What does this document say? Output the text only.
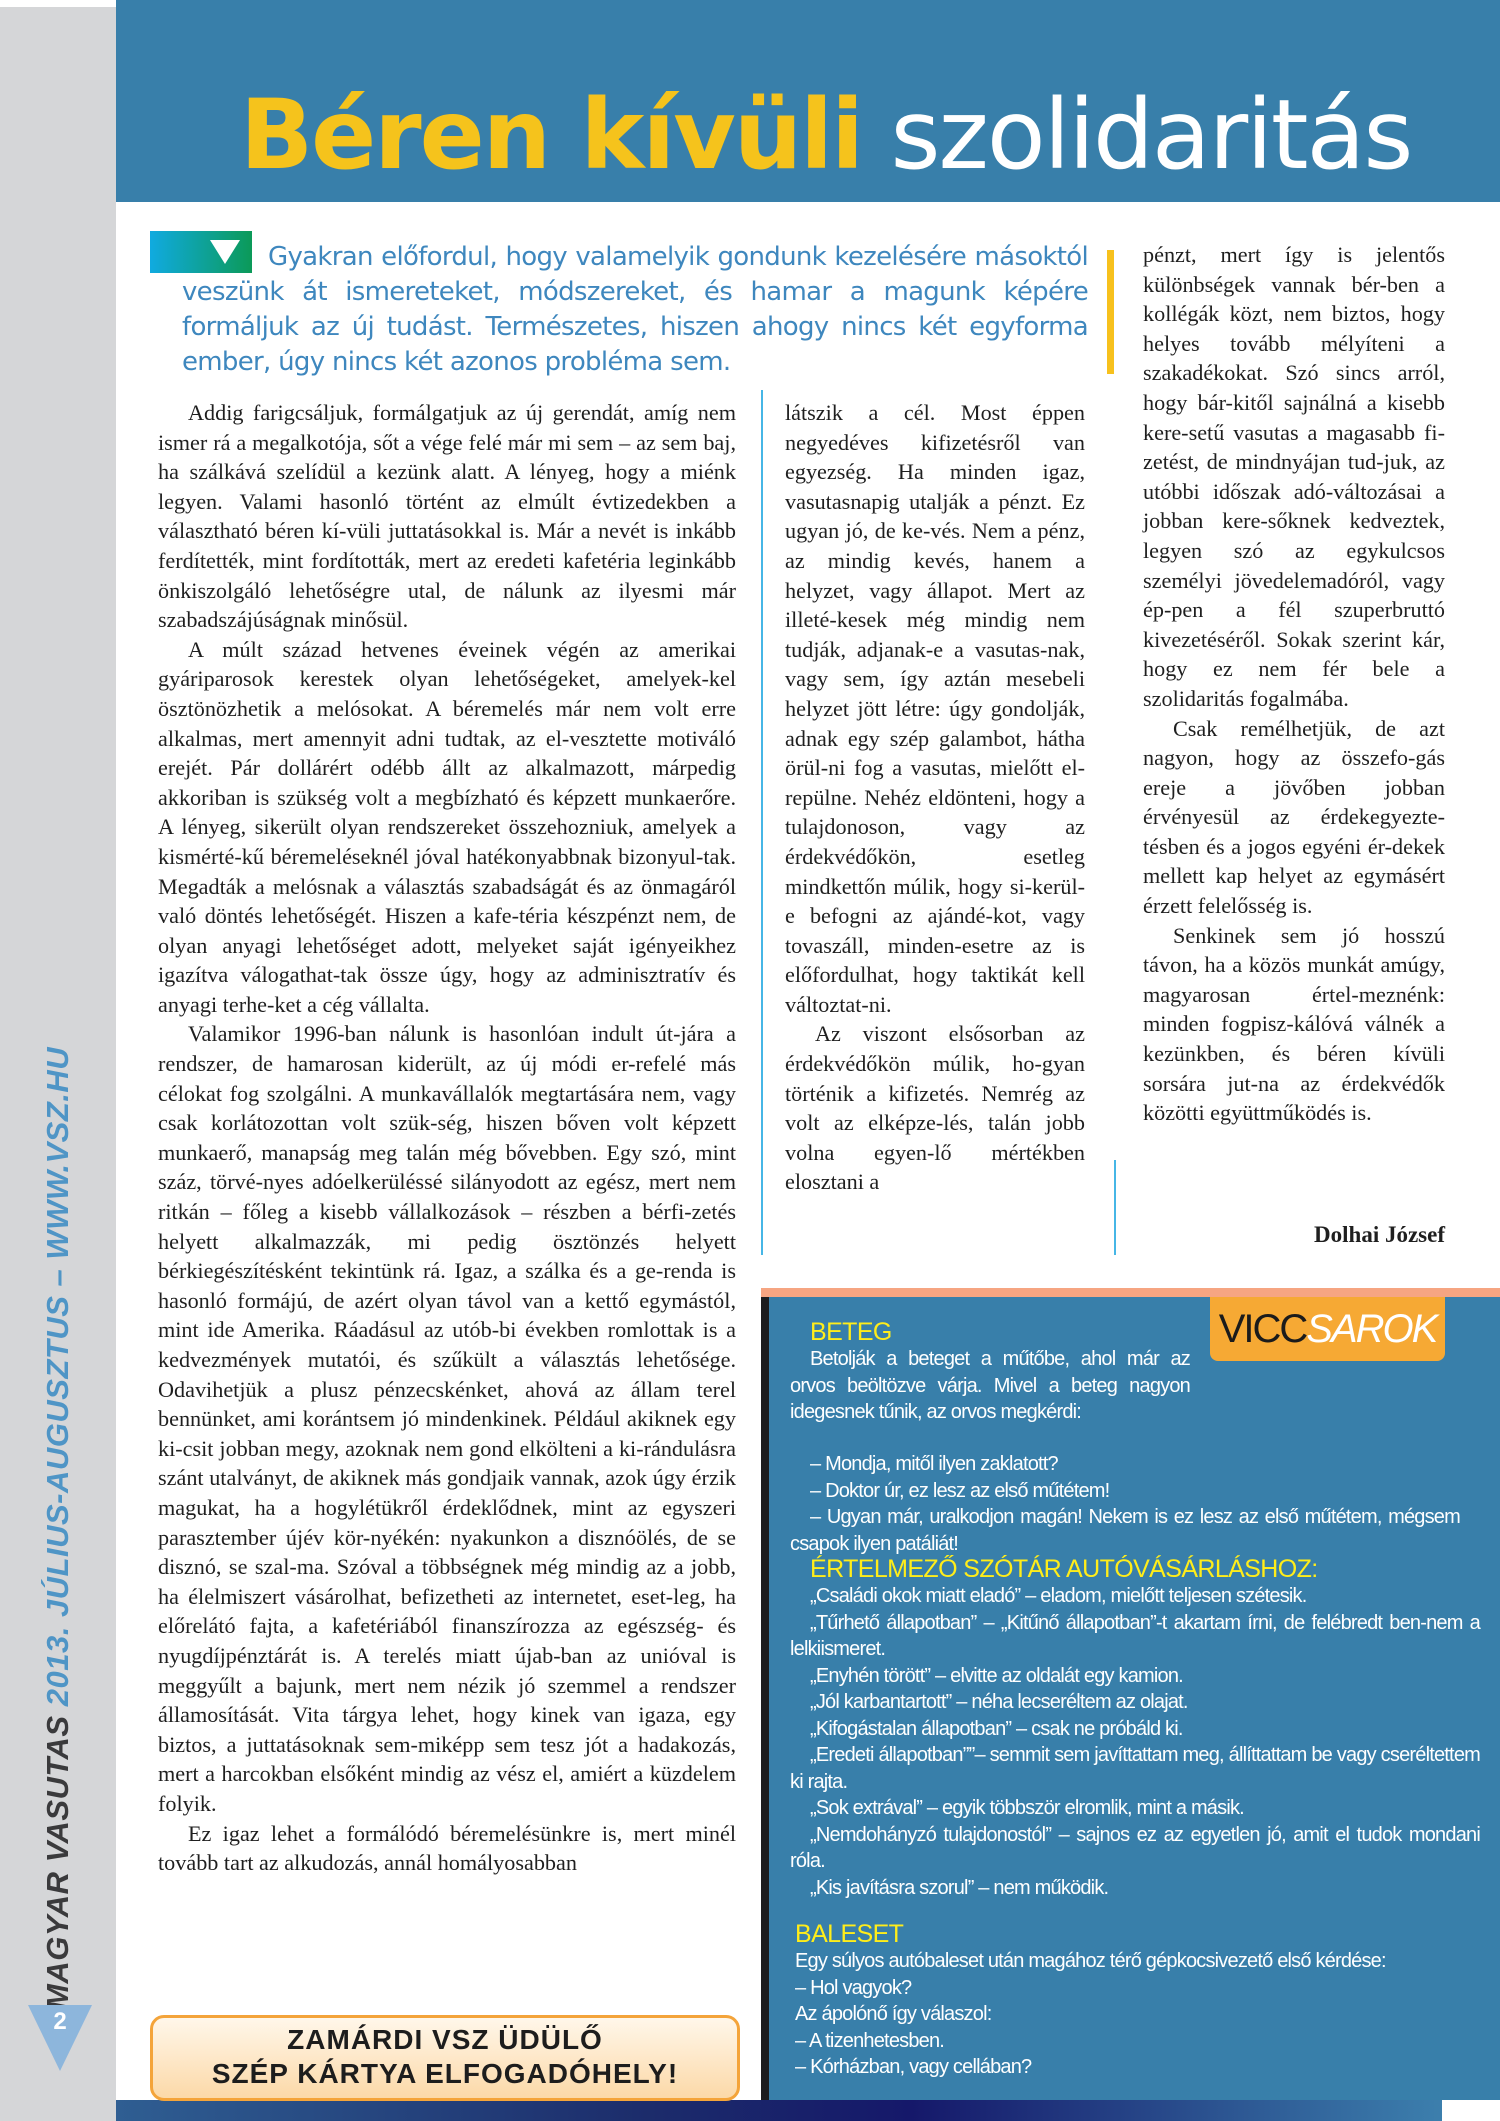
MAGYAR VASUTAS 2013. JÚLIUS-AUGUSZTUS – WWW.VSZ.HU
2
Béren kívüli szolidaritás
Gyakran előfordul, hogy valamelyik gondunk kezelésére másoktól veszünk át ismereteket, módszereket, és hamar a magunk képére formáljuk az új tudást. Természetes, hiszen ahogy nincs két egyforma ember, úgy nincs két azonos probléma sem.

Addig farigcsáljuk, formálgatjuk az új gerendát, amíg nem ismer rá a megalkotója, sőt a vége felé már mi sem – az sem baj, ha szálkává szelídül a kezünk alatt. A lényeg, hogy a miénk legyen. Valami hasonló történt az elmúlt évtizedekben a választható béren kí-vüli juttatásokkal is. Már a nevét is inkább ferdítették, mint fordították, mert az eredeti kafetéria leginkább önkiszolgáló lehetőségre utal, de nálunk az ilyesmi már szabadszájúságnak minősül.

A múlt század hetvenes éveinek végén az amerikai gyáriparosok kerestek olyan lehetőségeket, amelyek-kel ösztönözhetik a melósokat. A béremelés már nem volt erre alkalmas, mert amennyit adni tudtak, az el-vesztette motiváló erejét. Pár dollárért odébb állt az alkalmazott, márpedig akkoriban is szükség volt a megbízható és képzett munkaerőre. A lényeg, sikerült olyan rendszereket összehozniuk, amelyek a kismérté-kű béremeléseknél jóval hatékonyabbnak bizonyul-tak. Megadták a melósnak a választás szabadságát és az önmagáról való döntés lehetőségét. Hiszen a kafe-téria készpénzt nem, de olyan anyagi lehetőséget adott, melyeket saját igényeikhez igazítva válogathat-tak össze úgy, hogy az adminisztratív és anyagi terhe-ket a cég vállalta.

Valamikor 1996-ban nálunk is hasonlóan indult út-jára a rendszer, de hamarosan kiderült, az új módi er-refelé más célokat fog szolgálni. A munkavállalók megtartására nem, vagy csak korlátozottan volt szük-ség, hiszen bőven volt képzett munkaerő, manapság meg talán még bővebben. Egy szó, mint száz, törvé-nyes adóelkerüléssé silányodott az egész, mert nem ritkán – főleg a kisebb vállalkozások – részben a bérfi-zetés helyett alkalmazzák, mi pedig ösztönzés helyett bérkiegészítésként tekintünk rá. Igaz, a szálka és a ge-renda is hasonló formájú, de azért olyan távol van a kettő egymástól, mint ide Amerika. Ráadásul az utób-bi években romlottak is a kedvezmények mutatói, és szűkült a választás lehetősége. Odavihetjük a plusz pénzecskénket, ahová az állam terel bennünket, ami korántsem jó mindenkinek. Például akiknek egy ki-csit jobban megy, azoknak nem gond elkölteni a ki-rándulásra szánt utalványt, de akiknek más gondjaik vannak, azok úgy érzik magukat, ha a hogylétükről érdeklődnek, mint az egyszeri parasztember újév kör-nyékén: nyakunkon a disznóölés, de se disznó, se szal-ma. Szóval a többségnek még mindig az a jobb, ha élelmiszert vásárolhat, befizetheti az internetet, eset-leg, ha előrelátó fajta, a kafetériából finanszírozza az egészség- és nyugdíjpénztárát is. A terelés miatt újab-ban az unióval is meggyűlt a bajunk, mert nem nézik jó szemmel a rendszer államosítását. Vita tárgya lehet, hogy kinek van igaza, egy biztos, a juttatásoknak sem-miképp sem tesz jót a hadakozás, mert a harcokban elsőként mindig az vész el, amiért a küzdelem folyik.

Ez igaz lehet a formálódó béremelésünkre is, mert minél tovább tart az alkudozás, annál homályosabban

látszik a cél. Most éppen negyedéves kifizetésről van egyezség. Ha minden igaz, vasutasnapig utalják a pénzt. Ez ugyan jó, de ke-vés. Nem a pénz, az mindig kevés, hanem a helyzet, vagy állapot. Mert az illeté-kesek még mindig nem tudják, adjanak-e a vasutas-nak, vagy sem, így aztán mesebeli helyzet jött létre: úgy gondolják, adnak egy szép galambot, hátha örül-ni fog a vasutas, mielőtt el-repülne. Nehéz eldönteni, hogy a tulajdonoson, vagy az érdekvédőkön, esetleg mindkettőn múlik, hogy si-kerül-e befogni az ajándé-kot, vagy tovaszáll, minden-esetre az is előfordulhat, hogy taktikát kell változtat-ni.

Az viszont elsősorban az érdekvédőkön múlik, ho-gyan történik a kifizetés. Nemrég az volt az elképze-lés, talán jobb volna egyen-lő mértékben elosztani a

pénzt, mert így is jelentős különbségek vannak bér-ben a kollégák közt, nem biztos, hogy helyes tovább mélyíteni a szakadékokat. Szó sincs arról, hogy bár-kitől sajnálná a kisebb kere-setű vasutas a magasabb fi-zetést, de mindnyájan tud-juk, az utóbbi időszak adó-változásai a jobban kere-sőknek kedveztek, legyen szó az egykulcsos személyi jövedelemadóról, vagy ép-pen a fél szuperbruttó kivezetéséről. Sokak szerint kár, hogy ez nem fér bele a szolidaritás fogalmába.

Csak remélhetjük, de azt nagyon, hogy az összefo-gás ereje a jövőben jobban érvényesül az érdekegyezte-tésben és a jogos egyéni ér-dekek mellett kap helyet az egymásért érzett felelősség is.

Senkinek sem jó hosszú távon, ha a közös munkát amúgy, magyarosan értel-meznénk: minden fogpisz-kálóvá válnék a kezünkben, és béren kívüli sorsára jut-na az érdekvédők közötti együttműködés is.

Dolhai József
VICCSAROK
BETEG

Betolják a beteget a műtőbe, ahol már az orvos beöltözve várja. Mivel a beteg nagyon idegesnek tűnik, az orvos megkérdi:

– Mondja, mitől ilyen zaklatott?

– Doktor úr, ez lesz az első műtétem!

– Ugyan már, uralkodjon magán! Nekem is ez lesz az első műtétem, mégsem csapok ilyen patáliát!

ÉRTELMEZŐ SZÓTÁR AUTÓVÁSÁRLÁSHOZ:

„Családi okok miatt eladó” – eladom, mielőtt teljesen szétesik.

„Tűrhető állapotban” – „Kitűnő állapotban”-t akartam írni, de felébredt ben-nem a lelkiismeret.

„Enyhén törött” – elvitte az oldalát egy kamion.

„Jól karbantartott” – néha lecseréltem az olajat.

„Kifogástalan állapotban” – csak ne próbáld ki.

„Eredeti állapotban””– semmit sem javíttattam meg, állíttattam be vagy cseréltettem ki rajta.

„Sok extrával” – egyik többször elromlik, mint a másik.

„Nemdohányzó tulajdonostól” – sajnos ez az egyetlen jó, amit el tudok mondani róla.

„Kis javításra szorul” – nem működik.

BALESET

Egy súlyos autóbaleset után magához térő gépkocsivezető első kérdése:

– Hol vagyok?

Az ápolónő így válaszol:

– A tizenhetesben.

– Kórházban, vagy cellában?

ZAMÁRDI VSZ ÜDÜLŐ
SZÉP KÁRTYA ELFOGADÓHELY!
